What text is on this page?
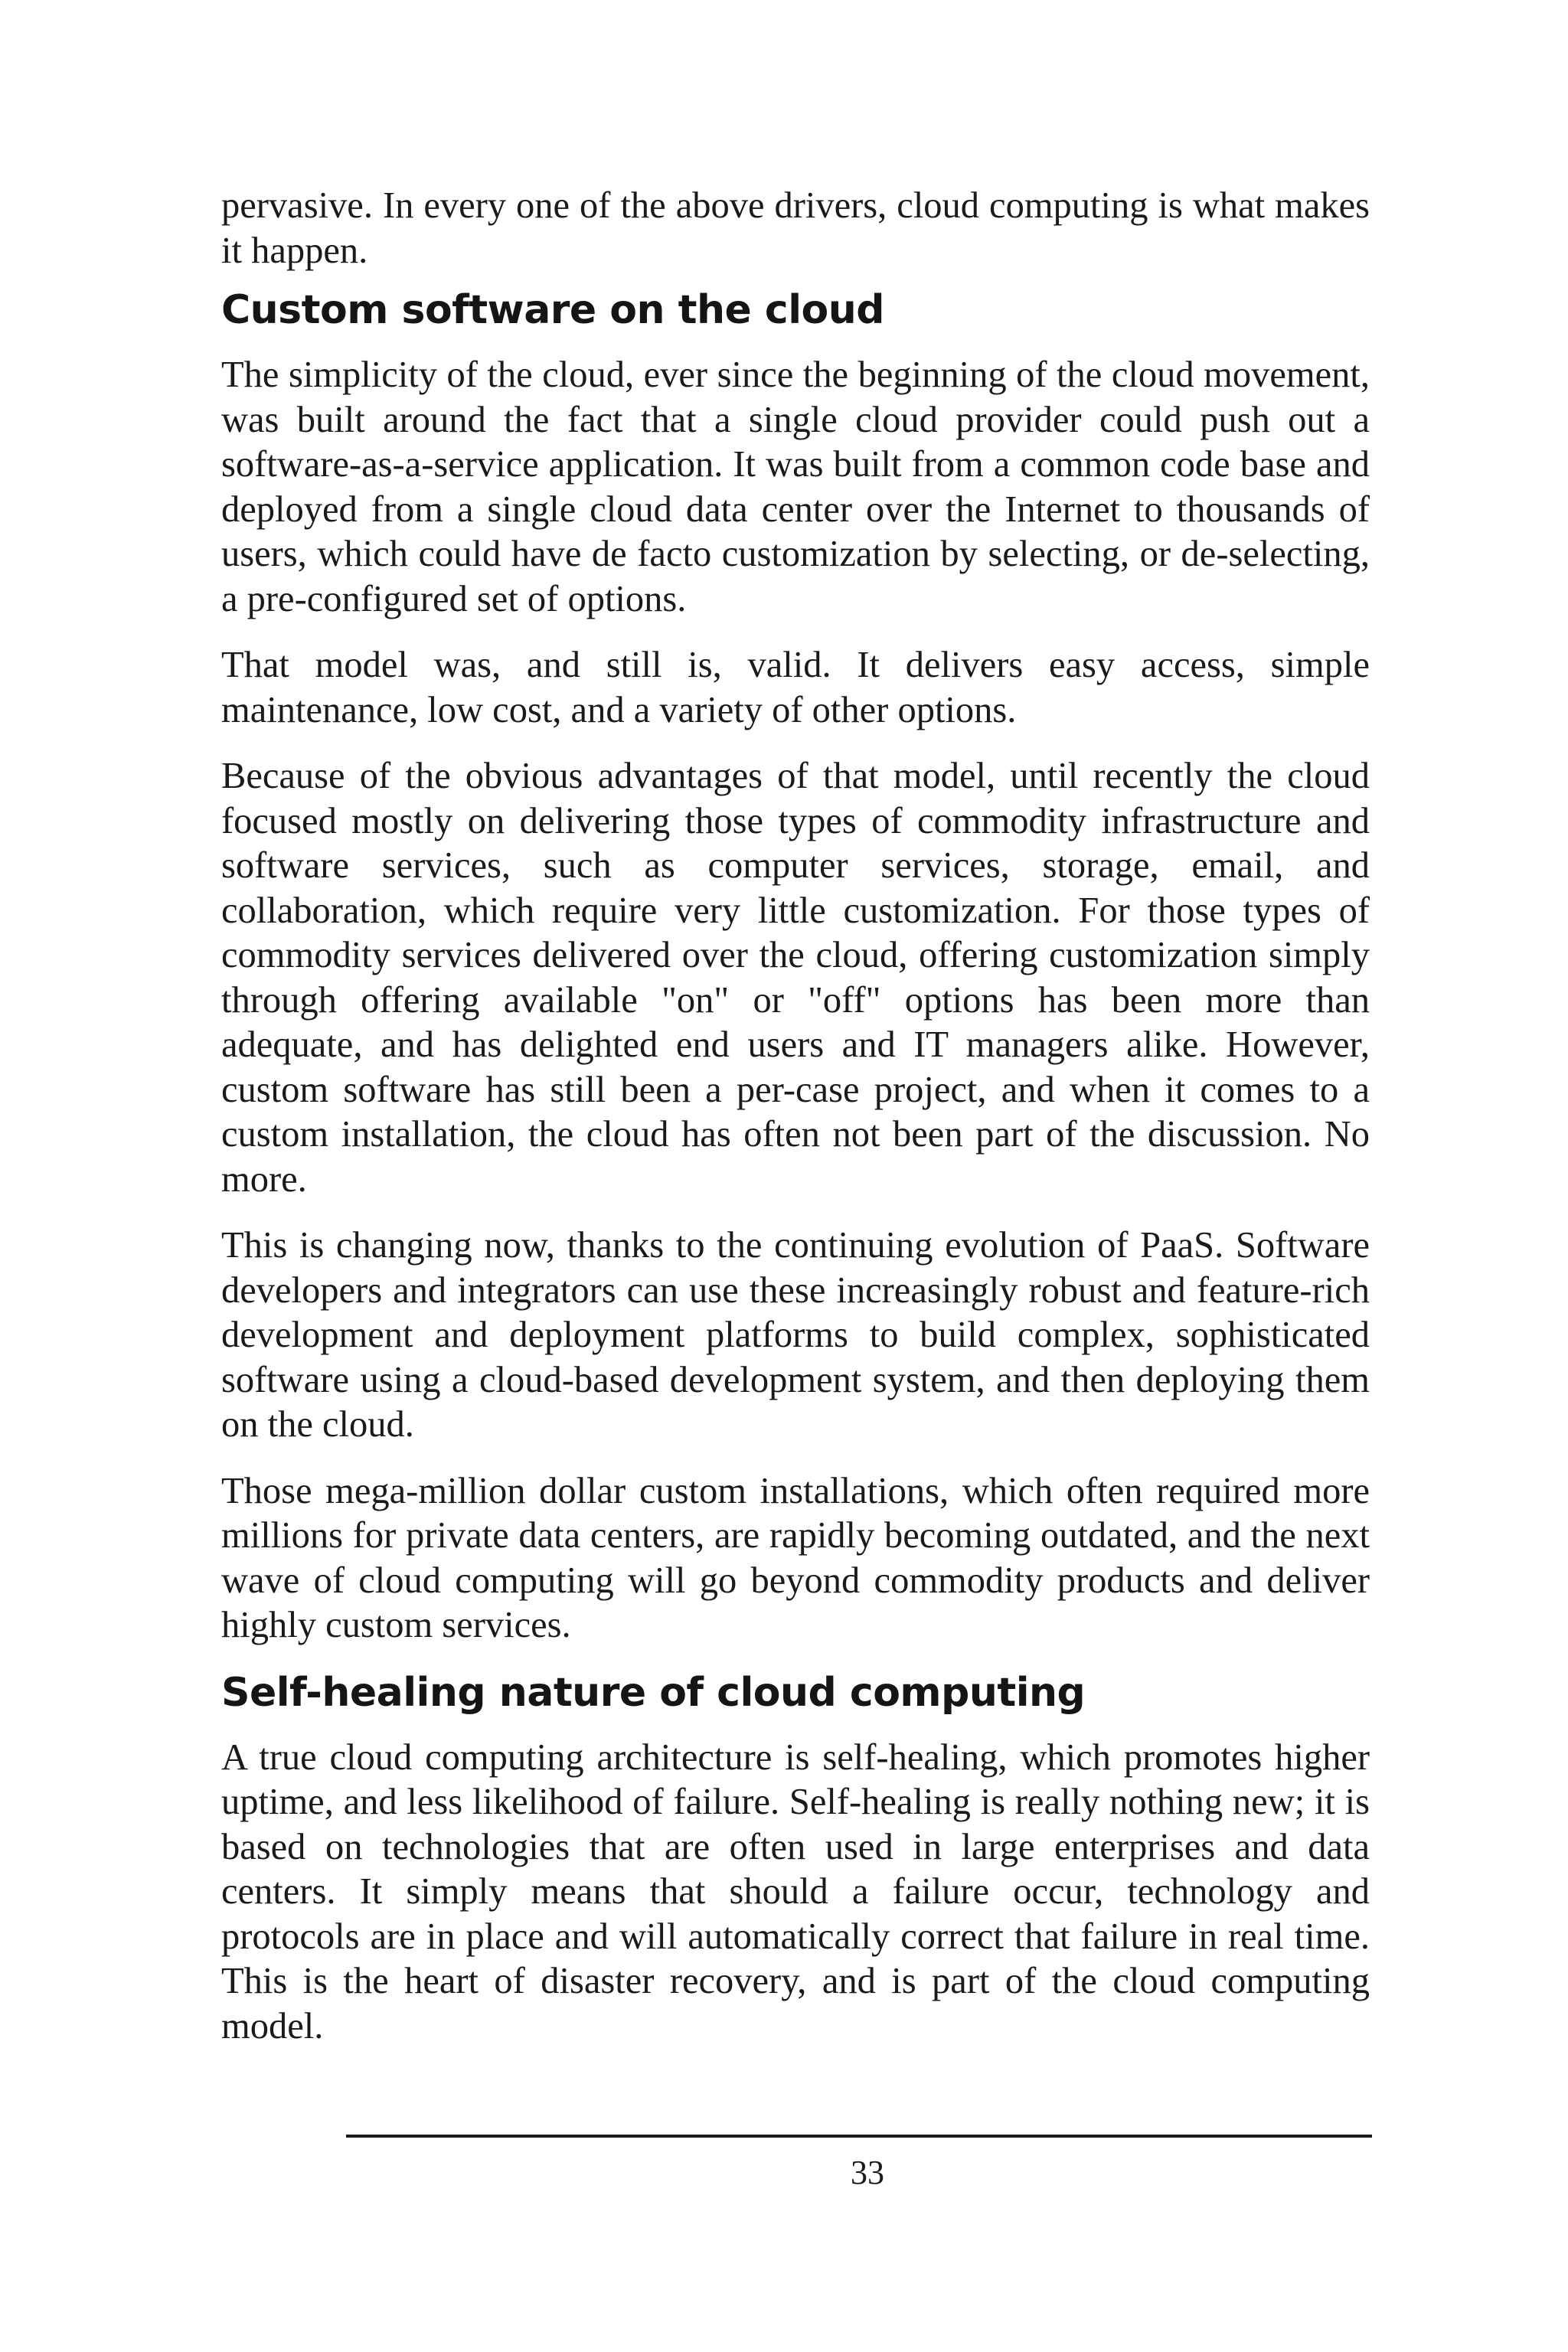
pervasive. In every one of the above drivers, cloud computing is what makes it happen.

Custom software on the cloud

The simplicity of the cloud, ever since the beginning of the cloud movement, was built around the fact that a single cloud provider could push out a software-as-a-service application. It was built from a common code base and deployed from a single cloud data center over the Internet to thousands of users, which could have de facto customization by selecting, or de-selecting, a pre-configured set of options.

That model was, and still is, valid. It delivers easy access, simple maintenance, low cost, and a variety of other options.

Because of the obvious advantages of that model, until recently the cloud focused mostly on delivering those types of commodity infrastructure and software services, such as computer services, storage, email, and collaboration, which require very little customization. For those types of commodity services delivered over the cloud, offering customization simply through offering available "on" or "off" options has been more than adequate, and has delighted end users and IT managers alike. However, custom software has still been a per-case project, and when it comes to a custom installation, the cloud has often not been part of the discussion. No more.

This is changing now, thanks to the continuing evolution of PaaS. Software developers and integrators can use these increasingly robust and feature-rich development and deployment platforms to build complex, sophisticated software using a cloud-based development system, and then deploying them on the cloud.

Those mega-million dollar custom installations, which often required more millions for private data centers, are rapidly becoming outdated, and the next wave of cloud computing will go beyond commodity products and deliver highly custom services.

Self-healing nature of cloud computing

A true cloud computing architecture is self-healing, which promotes higher uptime, and less likelihood of failure. Self-healing is really nothing new; it is based on technologies that are often used in large enterprises and data centers. It simply means that should a failure occur, technology and protocols are in place and will automatically correct that failure in real time. This is the heart of disaster recovery, and is part of the cloud computing model.

33
